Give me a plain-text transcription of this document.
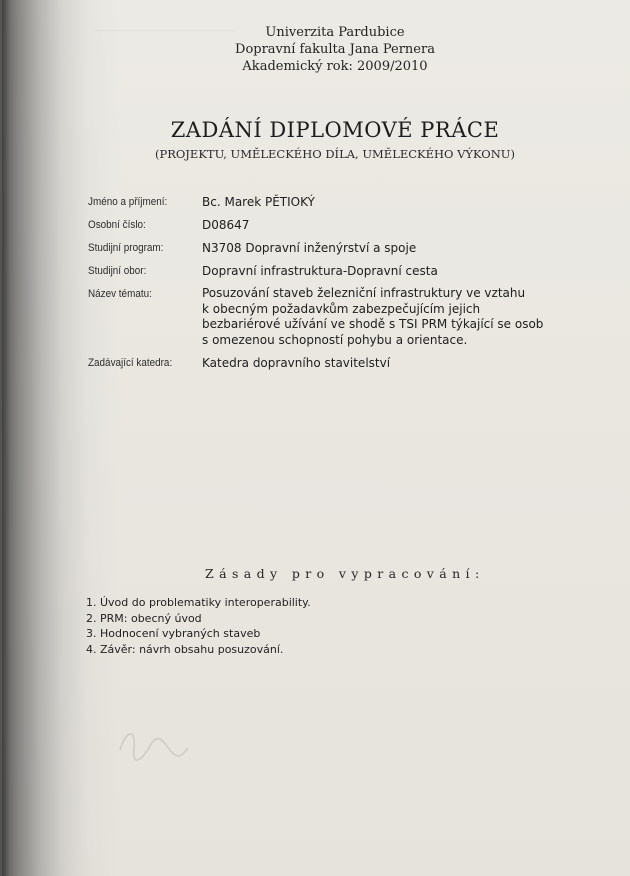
Univerzita Pardubice
Dopravní fakulta Jana Pernera
Akademický rok: 2009/2010
ZADÁNÍ DIPLOMOVÉ PRÁCE
(PROJEKTU, UMĚLECKÉHO DÍLA, UMĚLECKÉHO VÝKONU)
Jméno a příjmení:	Bc. Marek PĚTIOKÝ
Osobní číslo:	D08647
Studijní program:	N3708 Dopravní inženýrství a spoje
Studijní obor:	Dopravní infrastruktura-Dopravní cesta
Název tématu:	Posuzování staveb železniční infrastruktury ve vztahu
k obecným požadavkům zabezpečujícím jejich
bezbariérové užívání ve shodě s TSI PRM týkající se osob
s omezenou schopností pohybu a orientace.
Zadávající katedra:	Katedra dopravního stavitelství
Zásady pro vypracování:
1. Úvod do problematiky interoperability.
2. PRM: obecný úvod
3. Hodnocení vybraných staveb
4. Závěr: návrh obsahu posuzování.
